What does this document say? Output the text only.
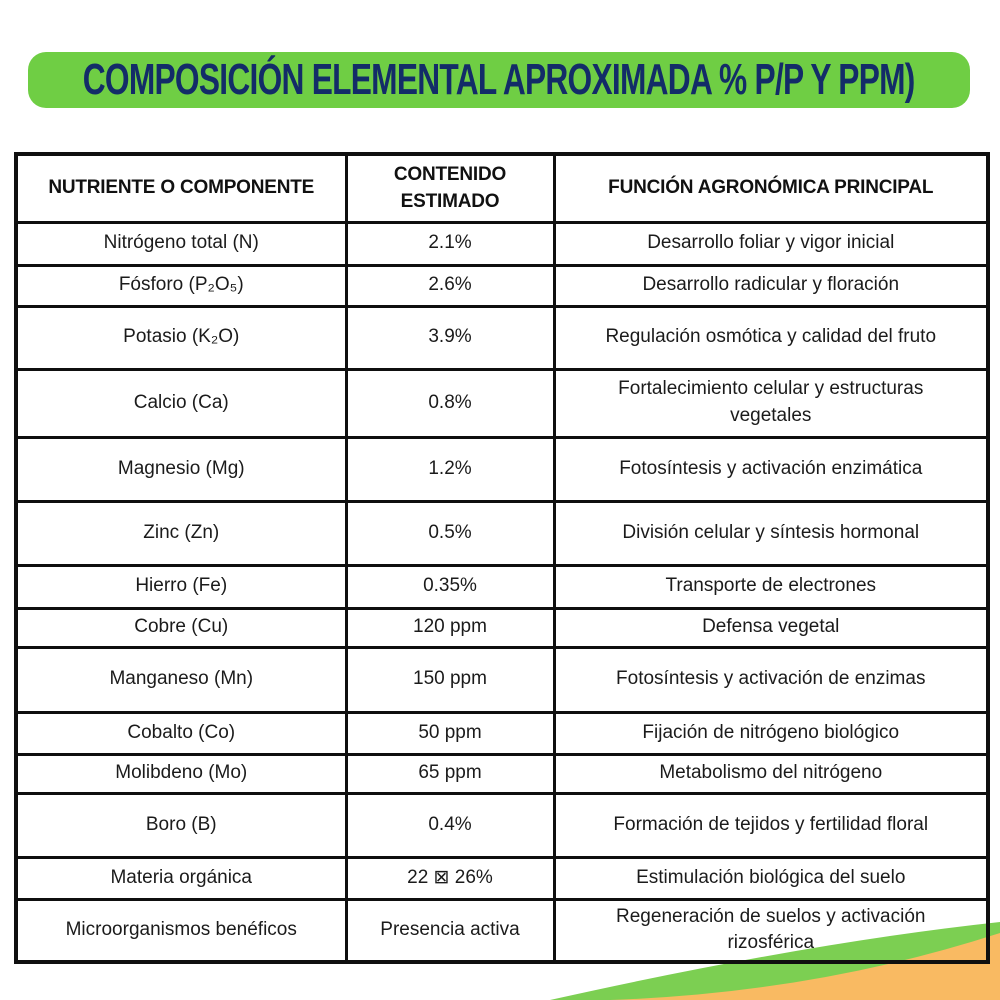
COMPOSICIÓN ELEMENTAL APROXIMADA % P/P Y PPM)
NUTRIENTE O COMPONENTE	CONTENIDO ESTIMADO	FUNCIÓN AGRONÓMICA PRINCIPAL
Nitrógeno total (N)	2.1%	Desarrollo foliar y vigor inicial
Fósforo (P₂O₅)	2.6%	Desarrollo radicular y floración
Potasio (K₂O)	3.9%	Regulación osmótica y calidad del fruto
Calcio (Ca)	0.8%	Fortalecimiento celular y estructuras vegetales
Magnesio (Mg)	1.2%	Fotosíntesis y activación enzimática
Zinc (Zn)	0.5%	División celular y síntesis hormonal
Hierro (Fe)	0.35%	Transporte de electrones
Cobre (Cu)	120 ppm	Defensa vegetal
Manganeso (Mn)	150 ppm	Fotosíntesis y activación de enzimas
Cobalto (Co)	50 ppm	Fijación de nitrógeno biológico
Molibdeno (Mo)	65 ppm	Metabolismo del nitrógeno
Boro (B)	0.4%	Formación de tejidos y fertilidad floral
Materia orgánica	22 ⊠ 26%	Estimulación biológica del suelo
Microorganismos benéficos	Presencia activa	Regeneración de suelos y activación rizosférica
